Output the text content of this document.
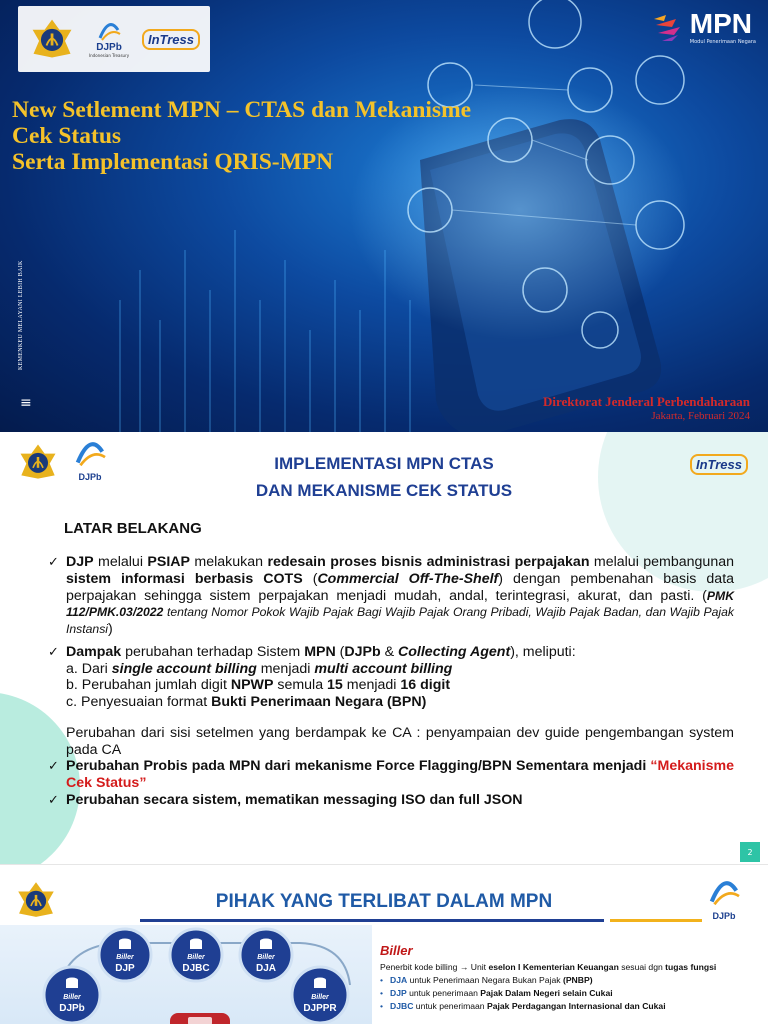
DJPb
Indonesian Treasury
InTress	MPN
Modul Penerimaan Negara
New Setlement MPN – CTAS dan Mekanisme
Cek Status
Serta Implementasi QRIS-MPN
KEMENKEU MELAYANI LEBIH BAIK
≡	Direktorat Jenderal Perbendaharaan
Jakarta, Februari 2024
DJPb
InTress
IMPLEMENTASI MPN CTAS
DAN MEKANISME CEK STATUS
LATAR BELAKANG
✓ DJP melalui PSIAP melakukan redesain proses bisnis administrasi perpajakan melalui pembangunan sistem informasi berbasis COTS (Commercial Off-The-Shelf) dengan pembenahan basis data perpajakan sehingga sistem perpajakan menjadi mudah, andal, terintegrasi, akurat, dan pasti. (PMK 112/PMK.03/2022 tentang Nomor Pokok Wajib Pajak Bagi Wajib Pajak Orang Pribadi, Wajib Pajak Badan, dan Wajib Pajak Instansi)
✓ Dampak perubahan terhadap Sistem MPN (DJPb & Collecting Agent), meliputi:
a. Dari single account billing menjadi multi account billing
b. Perubahan jumlah digit NPWP semula 15 menjadi 16 digit
c. Penyesuaian format Bukti Penerimaan Negara (BPN)
Perubahan dari sisi setelmen yang berdampak ke CA : penyampaian dev guide pengembangan system pada CA
✓ Perubahan Probis pada MPN dari mekanisme Force Flagging/BPN Sementara menjadi “Mekanisme Cek Status”
✓ Perubahan secara sistem, mematikan messaging ISO dan full JSON
2
PIHAK YANG TERLIBAT DALAM MPN
DJPb
Biller
DJP
Biller
DJBC
Biller
DJA
Biller
DJPb
Biller
DJPPR
Biller
Penerbit kode billing → Unit eselon I Kementerian Keuangan sesuai dgn tugas fungsi
• DJA untuk Penerimaan Negara Bukan Pajak (PNBP)
• DJP untuk penerimaan Pajak Dalam Negeri selain Cukai
• DJBC untuk penerimaan Pajak Perdagangan Internasional dan Cukai
